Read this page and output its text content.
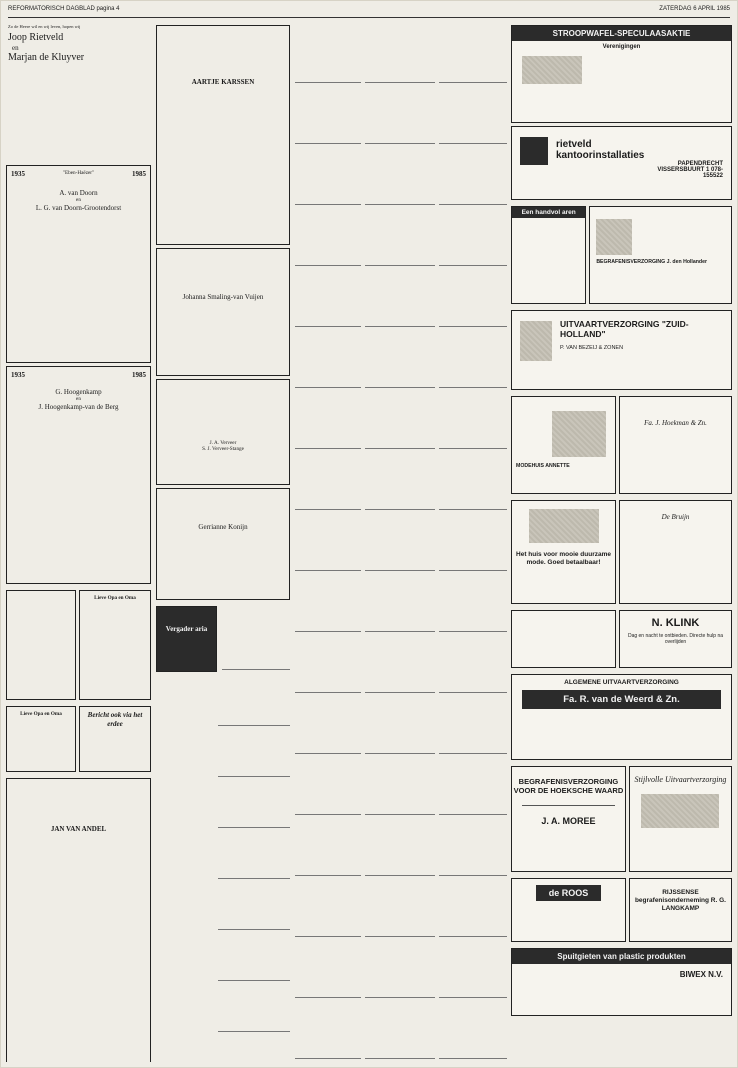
REFORMATORISCH DAGBLAD pagina 4	ZATERDAG 6 APRIL 1985
Zo de Heere wil en wij leven, hopen wij
Joop Rietveld
en
Marjan de Kluyver

1935	"Eben-Haëzer"	1985
A. van Doorn
en
L. G. van Doorn-Grootendorst
1935	1985
G. Hoogenkamp
en
J. Hoogenkamp-van de Berg
Lieve Opa en Oma
Lieve Opa en Oma	Bericht ook via het erdee
JAN VAN ANDEL
AARTJE KARSSEN
Johanna Smaling-van Vuijen
J. A. Verveer
S. J. Verveer-Stange
Gerrianne Konijn
Vergader aria
STROOPWAFEL-SPECULAASAKTIE
Verenigingen
rietveld kantoorinstallaties
PAPENDRECHT VISSERSBUURT 1 078-155522
Een handvol aren
BEGRAFENISVERZORGING J. den Hollander
UITVAARTVERZORGING "ZUID-HOLLAND"
P. VAN BEZEIJ & ZONEN
MODEHUIS ANNETTE
Fa. J. Hoekman & Zn.
Het huis voor mooie duurzame mode. Goed betaalbaar!
De Bruijn
N. KLINK
Dag en nacht te ontbieden. Directe hulp na overlijden
ALGEMENE UITVAARTVERZORGING
Fa. R. van de Weerd & Zn.
BEGRAFENISVERZORGING VOOR DE HOEKSCHE WAARD
J. A. MOREE
Stijlvolle Uitvaartverzorging
de ROOS	RIJSSENSE begrafenisonderneming R. G. LANGKAMP
Spuitgieten van plastic produkten
BIWEX N.V.
